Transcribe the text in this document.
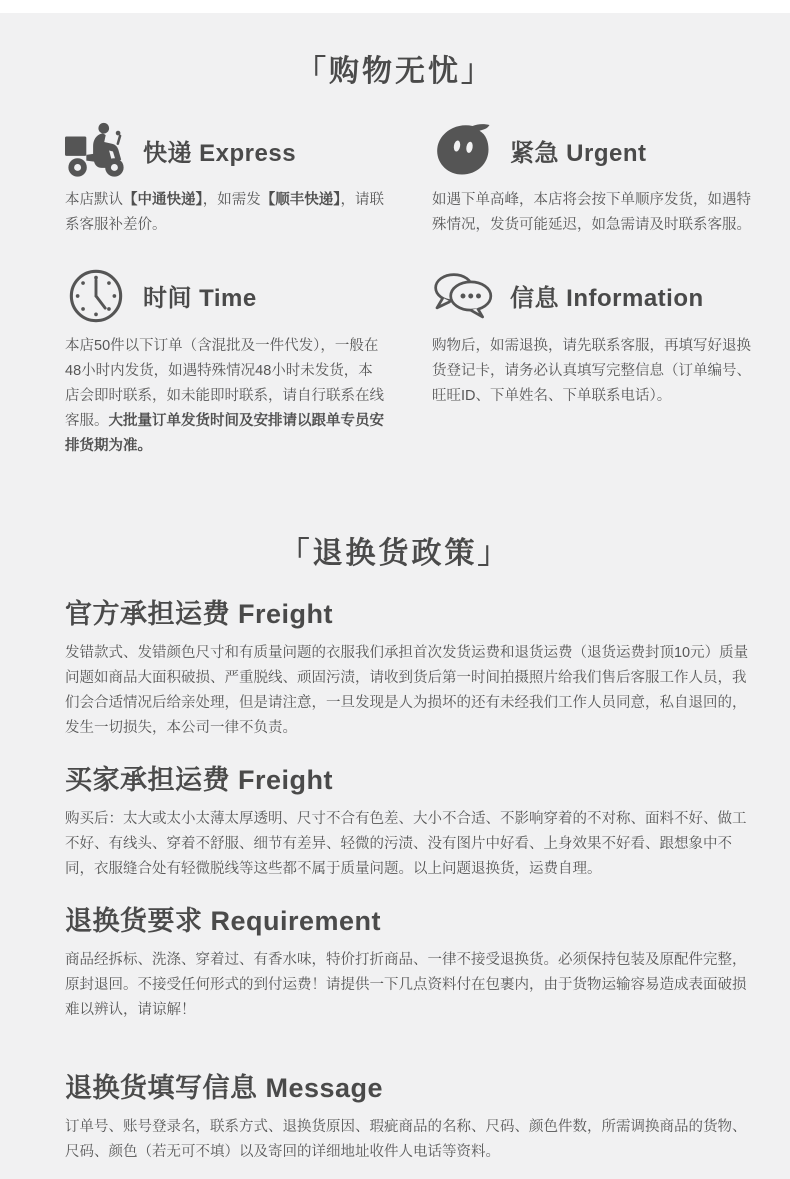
「购物无忧」
快递 Express

本店默认【中通快递】，如需发【顺丰快递】，请联系客服补差价。

紧急 Urgent

如遇下单高峰，本店将会按下单顺序发货，如遇特殊情况，发货可能延迟，如急需请及时联系客服。

时间 Time

本店50件以下订单（含混批及一件代发），一般在48小时内发货，如遇特殊情况48小时未发货，本店会即时联系，如未能即时联系，请自行联系在线客服。大批量订单发货时间及安排请以跟单专员安排货期为准。

信息 Information

购物后，如需退换，请先联系客服，再填写好退换货登记卡，请务必认真填写完整信息（订单编号、旺旺ID、下单姓名、下单联系电话）。

「退换货政策」
官方承担运费 Freight

发错款式、发错颜色尺寸和有质量问题的衣服我们承担首次发货运费和退货运费（退货运费封顶10元）质量问题如商品大面积破损、严重脱线、顽固污渍，请收到货后第一时间拍摄照片给我们售后客服工作人员，我们会合适情况后给亲处理，但是请注意，一旦发现是人为损坏的还有未经我们工作人员同意，私自退回的，发生一切损失，本公司一律不负责。

买家承担运费 Freight

购买后：太大或太小太薄太厚透明、尺寸不合有色差、大小不合适、不影响穿着的不对称、面料不好、做工不好、有线头、穿着不舒服、细节有差异、轻微的污渍、没有图片中好看、上身效果不好看、跟想象中不同，衣服缝合处有轻微脱线等这些都不属于质量问题。以上问题退换货，运费自理。

退换货要求 Requirement

商品经拆标、洗涤、穿着过、有香水味，特价打折商品、一律不接受退换货。必须保持包装及原配件完整，原封退回。不接受任何形式的到付运费！请提供一下几点资料付在包裹内，由于货物运输容易造成表面破损难以辨认，请谅解！

退换货填写信息 Message

订单号、账号登录名，联系方式、退换货原因、瑕疵商品的名称、尺码、颜色件数，所需调换商品的货物、尺码、颜色（若无可不填）以及寄回的详细地址收件人电话等资料。
